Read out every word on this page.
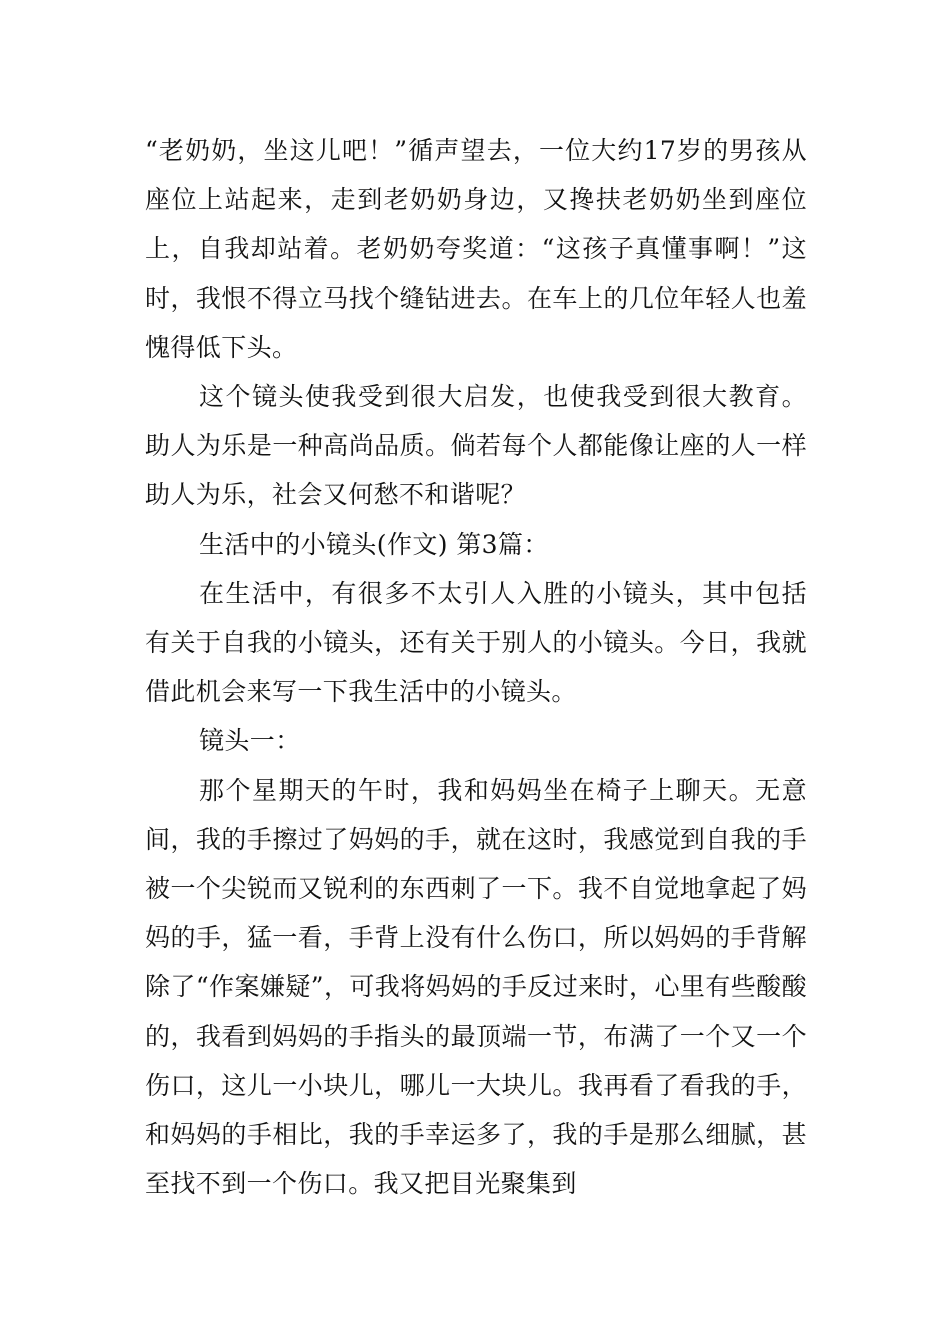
“老奶奶，坐这儿吧！”循声望去，一位大约17岁的男孩从座位上站起来，走到老奶奶身边，又搀扶老奶奶坐到座位上，自我却站着。老奶奶夸奖道：“这孩子真懂事啊！”这时，我恨不得立马找个缝钻进去。在车上的几位年轻人也羞愧得低下头。

这个镜头使我受到很大启发，也使我受到很大教育。助人为乐是一种高尚品质。倘若每个人都能像让座的人一样助人为乐，社会又何愁不和谐呢？

生活中的小镜头(作文) 第3篇：

在生活中，有很多不太引人入胜的小镜头，其中包括有关于自我的小镜头，还有关于别人的小镜头。今日，我就借此机会来写一下我生活中的小镜头。

镜头一：

那个星期天的午时，我和妈妈坐在椅子上聊天。无意间，我的手擦过了妈妈的手，就在这时，我感觉到自我的手被一个尖锐而又锐利的东西刺了一下。我不自觉地拿起了妈妈的手，猛一看，手背上没有什么伤口，所以妈妈的手背解除了“作案嫌疑”，可我将妈妈的手反过来时，心里有些酸酸的，我看到妈妈的手指头的最顶端一节，布满了一个又一个伤口，这儿一小块儿，哪儿一大块儿。我再看了看我的手，和妈妈的手相比，我的手幸运多了，我的手是那么细腻，甚至找不到一个伤口。我又把目光聚集到
